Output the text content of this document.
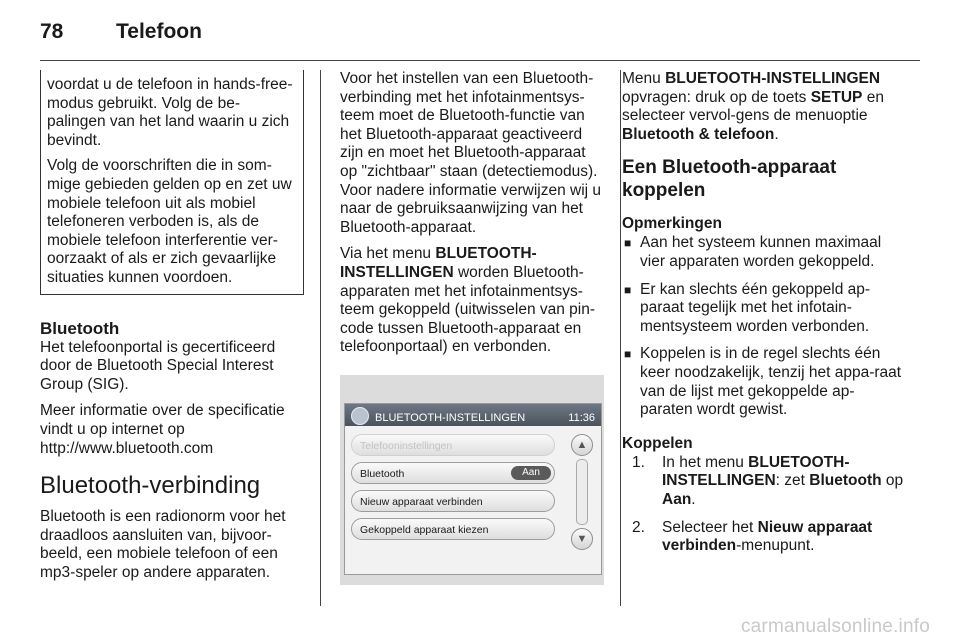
78	Telefoon

voordat u de telefoon in hands-free-modus gebruikt. Volg de be-palingen van het land waarin u zich bevindt.

Volg de voorschriften die in som-mige gebieden gelden op en zet uw mobiele telefoon uit als mobiel telefoneren verboden is, als de mobiele telefoon interferentie ver-oorzaakt of als er zich gevaarlijke situaties kunnen voordoen.

Bluetooth

Het telefoonportal is gecertificeerd door de Bluetooth Special Interest Group (SIG).

Meer informatie over de specificatie vindt u op internet op
http://www.bluetooth.com

Bluetooth-verbinding

Bluetooth is een radionorm voor het draadloos aansluiten van, bijvoor-beeld, een mobiele telefoon of een mp3-speler op andere apparaten.

Voor het instellen van een Bluetooth-verbinding met het infotainmentsys-teem moet de Bluetooth-functie van het Bluetooth-apparaat geactiveerd zijn en moet het Bluetooth-apparaat op "zichtbaar" staan (detectiemodus). Voor nadere informatie verwijzen wij u naar de gebruiksaanwijzing van het Bluetooth-apparaat.

Via het menu BLUETOOTH-INSTELLINGEN worden Bluetooth-apparaten met het infotainmentsys-teem gekoppeld (uitwisselen van pin-code tussen Bluetooth-apparaat en telefoonportaal) en verbonden.

BLUETOOTH-INSTELLINGEN	11:36
Telefooninstellingen
Bluetooth	Aan
Nieuw apparaat verbinden
Gekoppeld apparaat kiezen
▲
▼

Menu BLUETOOTH-INSTELLINGEN opvragen: druk op de toets SETUP en selecteer vervol-gens de menuoptie Bluetooth & telefoon.

Een Bluetooth-apparaat koppelen
Opmerkingen
■ Aan het systeem kunnen maximaal vier apparaten worden gekoppeld.
■ Er kan slechts één gekoppeld ap-paraat tegelijk met het infotain-mentsysteem worden verbonden.
■ Koppelen is in de regel slechts één keer noodzakelijk, tenzij het appa-raat van de lijst met gekoppelde ap-paraten wordt gewist.
Koppelen
1. In het menu BLUETOOTH-INSTELLINGEN: zet Bluetooth op Aan.
2. Selecteer het Nieuw apparaat verbinden-menupunt.
carmanualsonline.info
